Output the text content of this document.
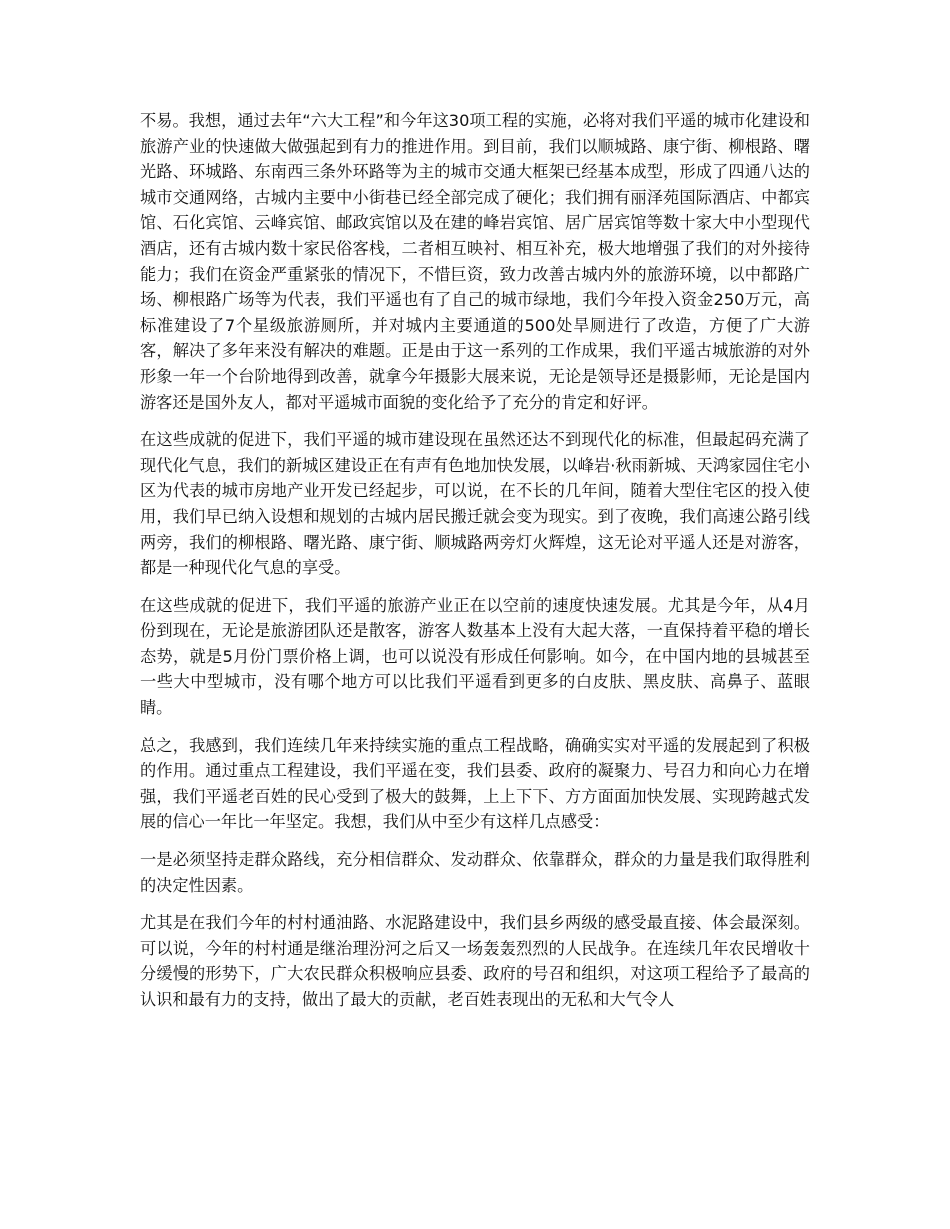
不易。我想，通过去年“六大工程”和今年这30项工程的实施，必将对我们平遥的城市化建设和旅游产业的快速做大做强起到有力的推进作用。到目前，我们以顺城路、康宁街、柳根路、曙光路、环城路、东南西三条外环路等为主的城市交通大框架已经基本成型，形成了四通八达的城市交通网络，古城内主要中小街巷已经全部完成了硬化；我们拥有丽泽苑国际酒店、中都宾馆、石化宾馆、云峰宾馆、邮政宾馆以及在建的峰岩宾馆、居广居宾馆等数十家大中小型现代酒店，还有古城内数十家民俗客栈，二者相互映衬、相互补充，极大地增强了我们的对外接待能力；我们在资金严重紧张的情况下，不惜巨资，致力改善古城内外的旅游环境，以中都路广场、柳根路广场等为代表，我们平遥也有了自己的城市绿地，我们今年投入资金250万元，高标准建设了7个星级旅游厕所，并对城内主要通道的500处旱厕进行了改造，方便了广大游客，解决了多年来没有解决的难题。正是由于这一系列的工作成果，我们平遥古城旅游的对外形象一年一个台阶地得到改善，就拿今年摄影大展来说，无论是领导还是摄影师，无论是国内游客还是国外友人，都对平遥城市面貌的变化给予了充分的肯定和好评。

在这些成就的促进下，我们平遥的城市建设现在虽然还达不到现代化的标准，但最起码充满了现代化气息，我们的新城区建设正在有声有色地加快发展，以峰岩·秋雨新城、天鸿家园住宅小区为代表的城市房地产业开发已经起步，可以说，在不长的几年间，随着大型住宅区的投入使用，我们早已纳入设想和规划的古城内居民搬迁就会变为现实。到了夜晚，我们高速公路引线两旁，我们的柳根路、曙光路、康宁街、顺城路两旁灯火辉煌，这无论对平遥人还是对游客，都是一种现代化气息的享受。

在这些成就的促进下，我们平遥的旅游产业正在以空前的速度快速发展。尤其是今年，从4月份到现在，无论是旅游团队还是散客，游客人数基本上没有大起大落，一直保持着平稳的增长态势，就是5月份门票价格上调，也可以说没有形成任何影响。如今，在中国内地的县城甚至一些大中型城市，没有哪个地方可以比我们平遥看到更多的白皮肤、黑皮肤、高鼻子、蓝眼睛。

总之，我感到，我们连续几年来持续实施的重点工程战略，确确实实对平遥的发展起到了积极的作用。通过重点工程建设，我们平遥在变，我们县委、政府的凝聚力、号召力和向心力在增强，我们平遥老百姓的民心受到了极大的鼓舞，上上下下、方方面面加快发展、实现跨越式发展的信心一年比一年坚定。我想，我们从中至少有这样几点感受：

一是必须坚持走群众路线，充分相信群众、发动群众、依靠群众，群众的力量是我们取得胜利的决定性因素。

尤其是在我们今年的村村通油路、水泥路建设中，我们县乡两级的感受最直接、体会最深刻。可以说，今年的村村通是继治理汾河之后又一场轰轰烈烈的人民战争。在连续几年农民增收十分缓慢的形势下，广大农民群众积极响应县委、政府的号召和组织，对这项工程给予了最高的认识和最有力的支持，做出了最大的贡献，老百姓表现出的无私和大气令人
